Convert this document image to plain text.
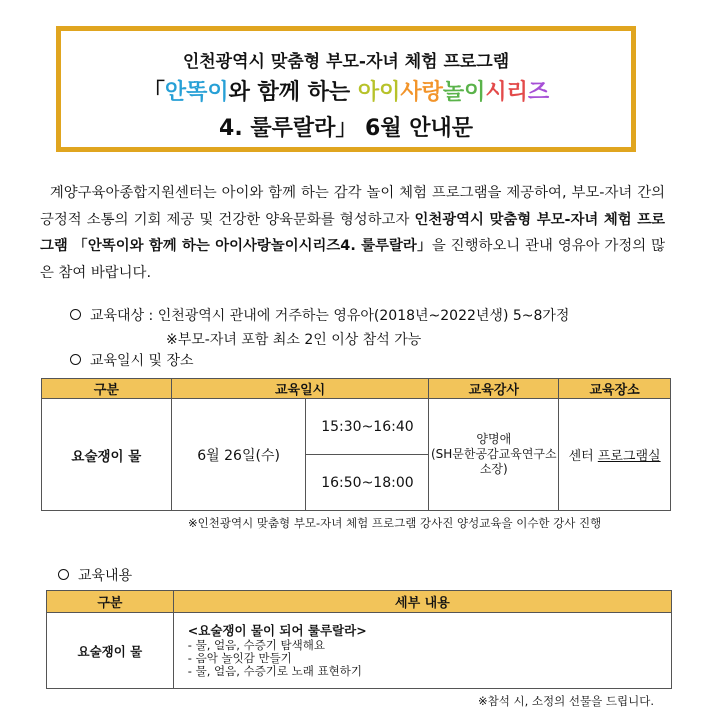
인천광역시 맞춤형 부모-자녀 체험 프로그램
「안똑이와 함께 하는 아이사랑놀이시리즈
4. 룰루랄라」 6월 안내문
계양구육아종합지원센터는 아이와 함께 하는 감각 놀이 체험 프로그램을 제공하여, 부모-자녀 간의 긍정적 소통의 기회 제공 및 건강한 양육문화를 형성하고자 인천광역시 맞춤형 부모-자녀 체험 프로그램 「안똑이와 함께 하는 아이사랑놀이시리즈4. 룰루랄라」을 진행하오니 관내 영유아 가정의 많은 참여 바랍니다.
교육대상 : 인천광역시 관내에 거주하는 영유아(2018년~2022년생) 5~8가정
※부모-자녀 포함 최소 2인 이상 참석 가능
교육일시 및 장소
구분	교육일시		교육강사	교육장소
요술쟁이 물	6월 26일(수)	15:30~16:40	양명애
(SH문한공감교육연구소 소장)	센터 프로그램실
		16:50~18:00		
※인천광역시 맞춤형 부모-자녀 체험 프로그램 강사진 양성교육을 이수한 강사 진행
교육내용
구분	세부 내용
요술쟁이 물	<요술쟁이 물이 되어 룰루랄라>
- 물, 얼음, 수증기 탐색해요
- 음악 놀잇감 만들기
- 물, 얼음, 수증기로 노래 표현하기
※참석 시, 소정의 선물을 드립니다.
